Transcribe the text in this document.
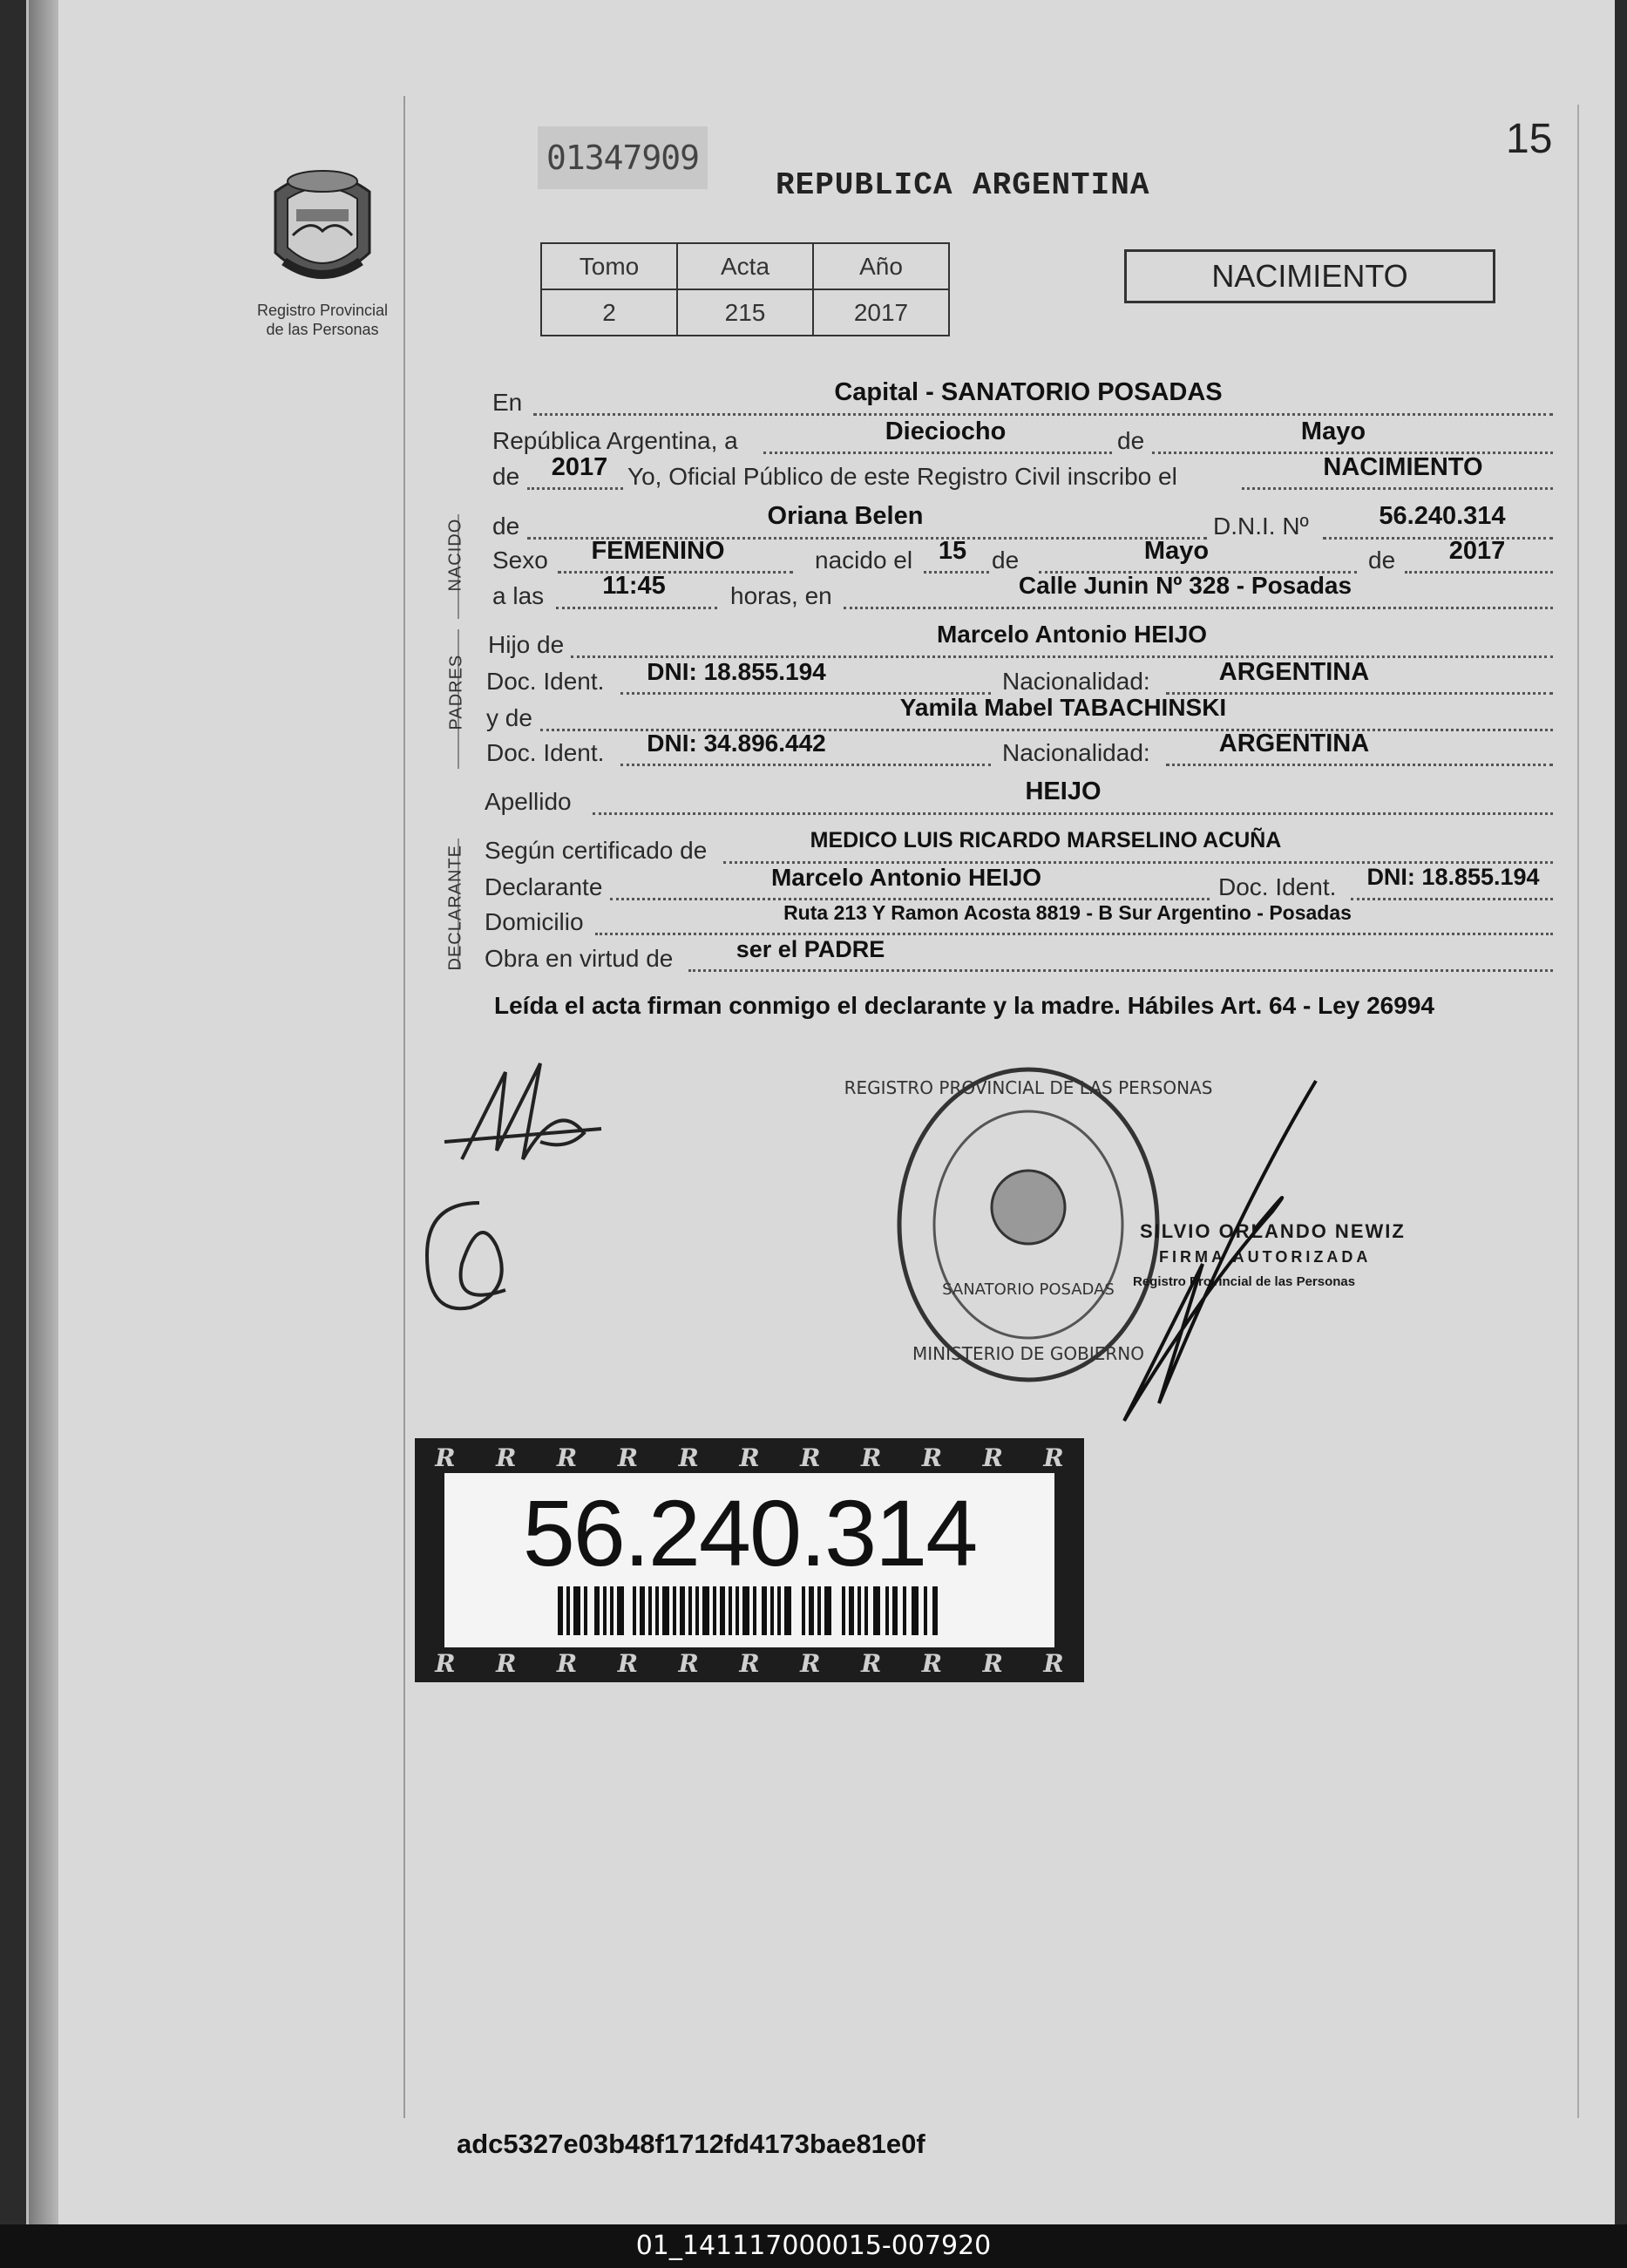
Registro Provincial
de las Personas
01347909	15
REPUBLICA ARGENTINA
Tomo	Acta	Año
2	215	2017
NACIMIENTO
En	Capital - SANATORIO POSADAS
República Argentina, a	Dieciocho	de	Mayo
de	2017 Yo, Oficial Público de este Registro Civil inscribo el	NACIMIENTO
NACIDO de	Oriana Belen	D.N.I. Nº	56.240.314
Sexo	FEMENINO	nacido el	15	de	Mayo	de	2017
a las	11:45	horas, en	Calle Junin Nº 328 - Posadas
PADRES
Hijo de	Marcelo Antonio HEIJO
Doc. Ident.	DNI: 18.855.194	Nacionalidad:	ARGENTINA
y de	Yamila Mabel TABACHINSKI
Doc. Ident.	DNI: 34.896.442	Nacionalidad:	ARGENTINA
Apellido	HEIJO
DECLARANTE Según certificado de	MEDICO LUIS RICARDO MARSELINO ACUÑA
Declarante	Marcelo Antonio HEIJO	Doc. Ident.	DNI: 18.855.194
Domicilio	Ruta 213 Y Ramon Acosta 8819 - B Sur Argentino - Posadas
Obra en virtud de	ser el PADRE
Leída el acta firman conmigo el declarante y la madre. Hábiles Art. 64 - Ley 26994
REGISTRO PROVINCIAL DE LAS PERSONAS
MINISTERIO DE GOBIERNO
SANATORIO POSADAS
SILVIO ORLANDO NEWIZ
FIRMA AUTORIZADA
Registro Provincial de las Personas
R R R R R R R R R R R
R R R R R R R R R R R
56.240.314
adc5327e03b48f1712fd4173bae81e0f
01_141117000015-007920
